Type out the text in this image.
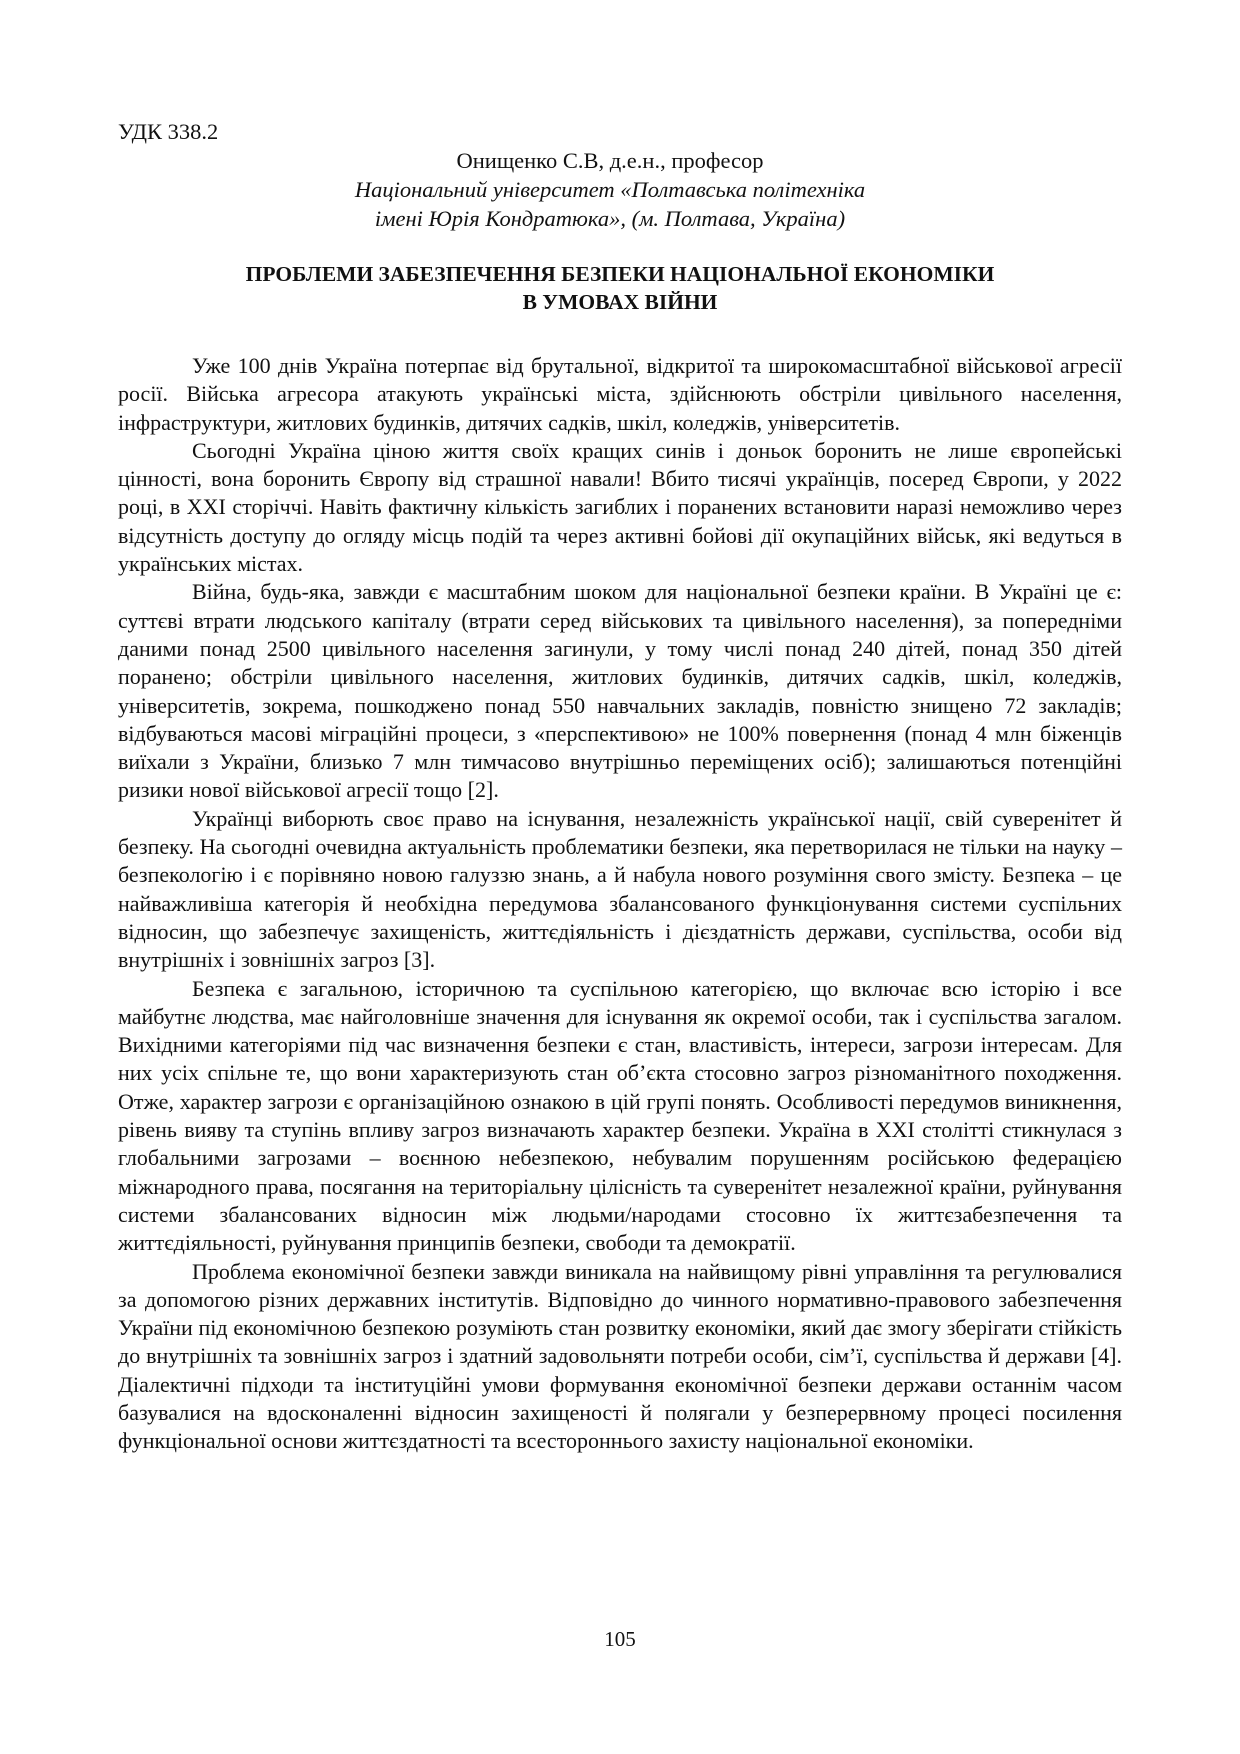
УДК 338.2
Онищенко С.В, д.е.н., професор
Національний університет «Полтавська політехніка
імені Юрія Кондратюка», (м. Полтава, Україна)
ПРОБЛЕМИ ЗАБЕЗПЕЧЕННЯ БЕЗПЕКИ НАЦІОНАЛЬНОЇ ЕКОНОМІКИ
В УМОВАХ ВІЙНИ

Уже 100 днів Україна потерпає від брутальної, відкритої та широкомасштабної військової агресії росії. Війська агресора атакують українські міста, здійснюють обстріли цивільного населення, інфраструктури, житлових будинків, дитячих садків, шкіл, коледжів, університетів.

Сьогодні Україна ціною життя своїх кращих синів і доньок боронить не лише європейські цінності, вона боронить Європу від страшної навали! Вбито тисячі українців, посеред Європи, у 2022 році, в ХХІ сторіччі. Навіть фактичну кількість загиблих і поранених встановити наразі неможливо через відсутність доступу до огляду місць подій та через активні бойові дії окупаційних військ, які ведуться в українських містах.

Війна, будь-яка, завжди є масштабним шоком для національної безпеки країни. В Україні це є: суттєві втрати людського капіталу (втрати серед військових та цивільного населення), за попередніми даними понад 2500 цивільного населення загинули, у тому числі понад 240 дітей, понад 350 дітей поранено; обстріли цивільного населення, житлових будинків, дитячих садків, шкіл, коледжів, університетів, зокрема, пошкоджено понад 550 навчальних закладів, повністю знищено 72 закладів; відбуваються масові міграційні процеси, з «перспективою» не 100% повернення (понад 4 млн біженців виїхали з України, близько 7 млн тимчасово внутрішньо переміщених осіб); залишаються потенційні ризики нової військової агресії тощо [2].

Українці виборють своє право на існування, незалежність української нації, свій суверенітет й безпеку. На сьогодні очевидна актуальність проблематики безпеки, яка перетворилася не тільки на науку – безпекологію і є порівняно новою галуззю знань, а й набула нового розуміння свого змісту. Безпека – це найважливіша категорія й необхідна передумова збалансованого функціонування системи суспільних відносин, що забезпечує захищеність, життєдіяльність і дієздатність держави, суспільства, особи від внутрішніх і зовнішніх загроз [3].

Безпека є загальною, історичною та суспільною категорією, що включає всю історію і все майбутнє людства, має найголовніше значення для існування як окремої особи, так і суспільства загалом. Вихідними категоріями під час визначення безпеки є стан, властивість, інтереси, загрози інтересам. Для них усіх спільне те, що вони характеризують стан об’єкта стосовно загроз різноманітного походження. Отже, характер загрози є організаційною ознакою в цій групі понять. Особливості передумов виникнення, рівень вияву та ступінь впливу загроз визначають характер безпеки. Україна в XXI столітті стикнулася з глобальними загрозами – воєнною небезпекою, небувалим порушенням російською федерацією міжнародного права, посягання на територіальну цілісність та суверенітет незалежної країни, руйнування системи збалансованих відносин між людьми/народами стосовно їх життєзабезпечення та життєдіяльності, руйнування принципів безпеки, свободи та демократії.

Проблема економічної безпеки завжди виникала на найвищому рівні управління та регулювалися за допомогою різних державних інститутів. Відповідно до чинного нормативно-правового забезпечення України під економічною безпекою розуміють стан розвитку економіки, який дає змогу зберігати стійкість до внутрішніх та зовнішніх загроз і здатний задовольняти потреби особи, сім’ї, суспільства й держави [4]. Діалектичні підходи та інституційні умови формування економічної безпеки держави останнім часом базувалися на вдосконаленні відносин захищеності й полягали у безперервному процесі посилення функціональної основи життєздатності та всестороннього захисту національної економіки.

105
